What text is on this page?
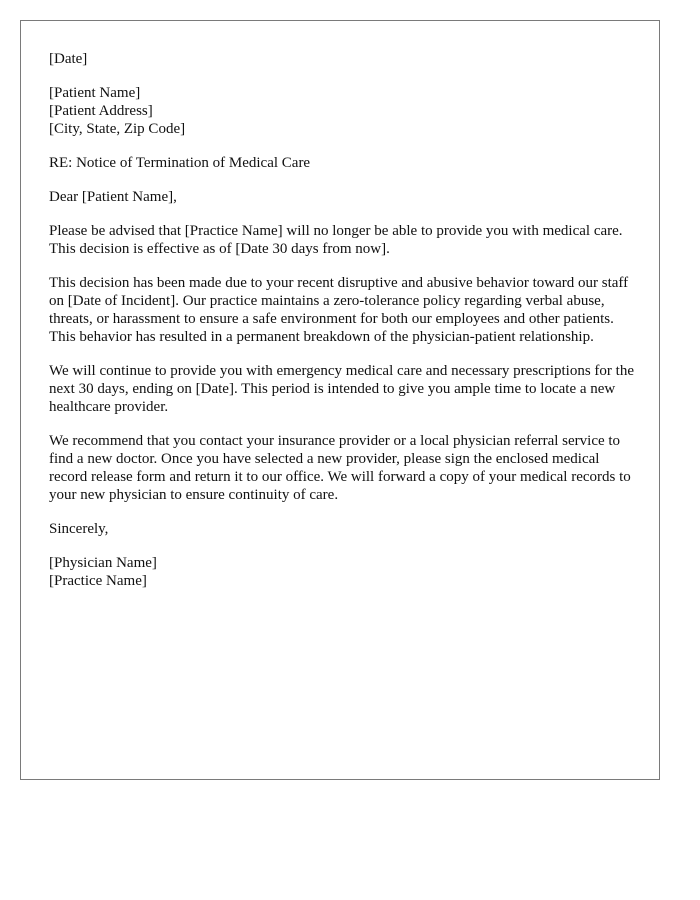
[Date]

[Patient Name]
[Patient Address]
[City, State, Zip Code]

RE: Notice of Termination of Medical Care

Dear [Patient Name],

Please be advised that [Practice Name] will no longer be able to provide you with medical care. This decision is effective as of [Date 30 days from now].

This decision has been made due to your recent disruptive and abusive behavior toward our staff on [Date of Incident]. Our practice maintains a zero-tolerance policy regarding verbal abuse, threats, or harassment to ensure a safe environment for both our employees and other patients. This behavior has resulted in a permanent breakdown of the physician-patient relationship.

We will continue to provide you with emergency medical care and necessary prescriptions for the next 30 days, ending on [Date]. This period is intended to give you ample time to locate a new healthcare provider.

We recommend that you contact your insurance provider or a local physician referral service to find a new doctor. Once you have selected a new provider, please sign the enclosed medical record release form and return it to our office. We will forward a copy of your medical records to your new physician to ensure continuity of care.

Sincerely,

[Physician Name]
[Practice Name]
